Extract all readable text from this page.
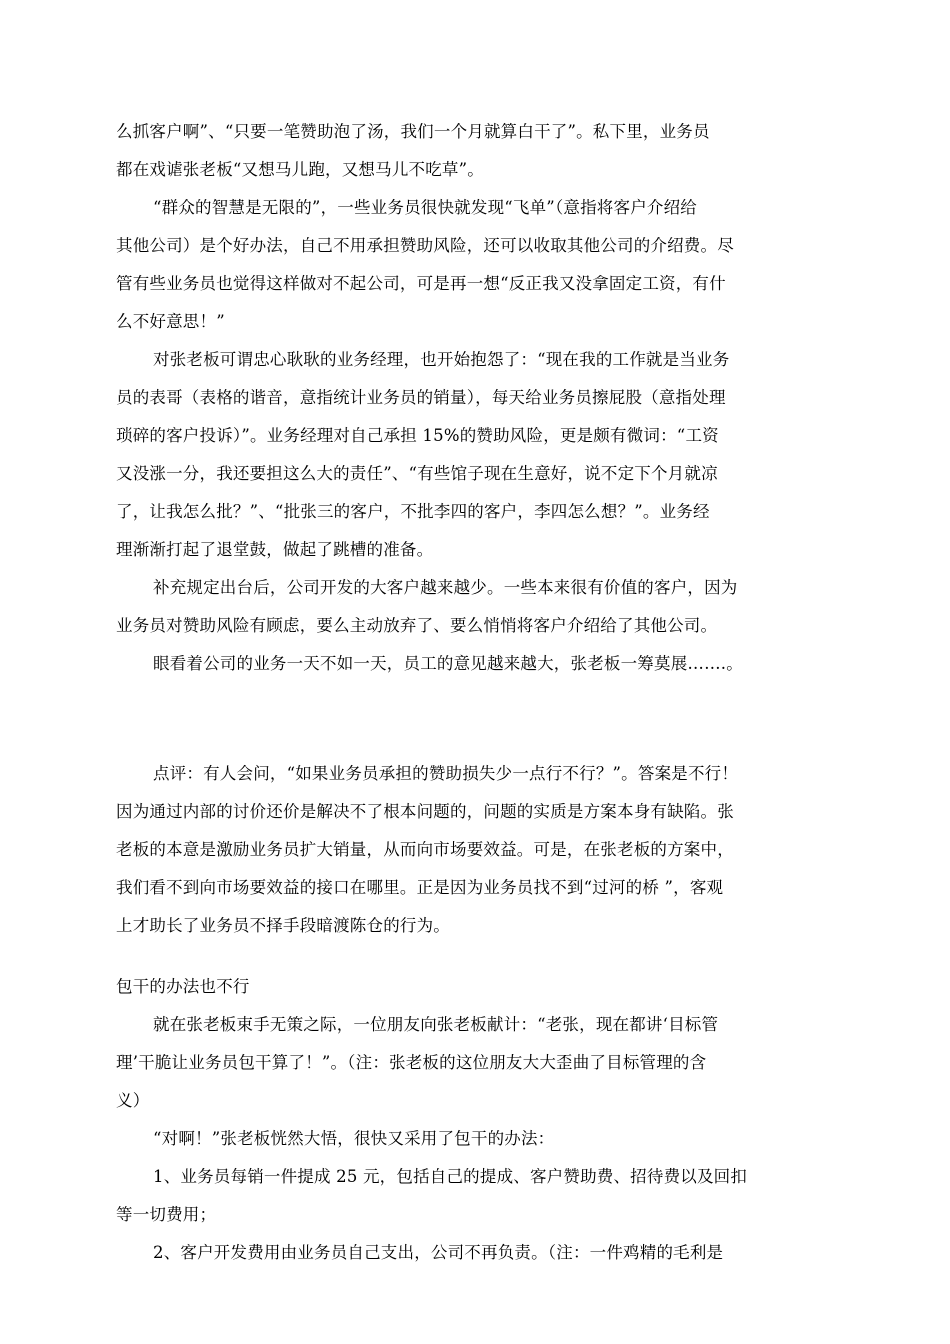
么抓客户啊”、“只要一笔赞助泡了汤，我们一个月就算白干了”。私下里，业务员
都在戏谑张老板“又想马儿跑，又想马儿不吃草”。
“群众的智慧是无限的”，一些业务员很快就发现“飞单”（意指将客户介绍给
其他公司）是个好办法，自己不用承担赞助风险，还可以收取其他公司的介绍费。尽
管有些业务员也觉得这样做对不起公司，可是再一想“反正我又没拿固定工资，有什
么不好意思！”
对张老板可谓忠心耿耿的业务经理，也开始抱怨了：“现在我的工作就是当业务
员的表哥（表格的谐音，意指统计业务员的销量），每天给业务员擦屁股（意指处理
琐碎的客户投诉）”。业务经理对自己承担 15%的赞助风险，更是颇有微词：“工资
又没涨一分，我还要担这么大的责任”、“有些馆子现在生意好，说不定下个月就凉
了，让我怎么批？”、“批张三的客户，不批李四的客户，李四怎么想？”。业务经
理渐渐打起了退堂鼓，做起了跳槽的准备。
补充规定出台后，公司开发的大客户越来越少。一些本来很有价值的客户，因为
业务员对赞助风险有顾虑，要么主动放弃了、要么悄悄将客户介绍给了其他公司。
眼看着公司的业务一天不如一天，员工的意见越来越大，张老板一筹莫展…….。
点评：有人会问，“如果业务员承担的赞助损失少一点行不行？”。答案是不行！
因为通过内部的讨价还价是解决不了根本问题的，问题的实质是方案本身有缺陷。张
老板的本意是激励业务员扩大销量，从而向市场要效益。可是，在张老板的方案中，
我们看不到向市场要效益的接口在哪里。正是因为业务员找不到“过河的桥 ”，客观
上才助长了业务员不择手段暗渡陈仓的行为。
包干的办法也不行
就在张老板束手无策之际，一位朋友向张老板献计：“老张，现在都讲‘目标管
理’干脆让业务员包干算了！”。（注：张老板的这位朋友大大歪曲了目标管理的含
义）
“对啊！”张老板恍然大悟，很快又采用了包干的办法：
1、业务员每销一件提成 25 元，包括自己的提成、客户赞助费、招待费以及回扣
等一切费用；
2、客户开发费用由业务员自己支出，公司不再负责。（注：一件鸡精的毛利是
